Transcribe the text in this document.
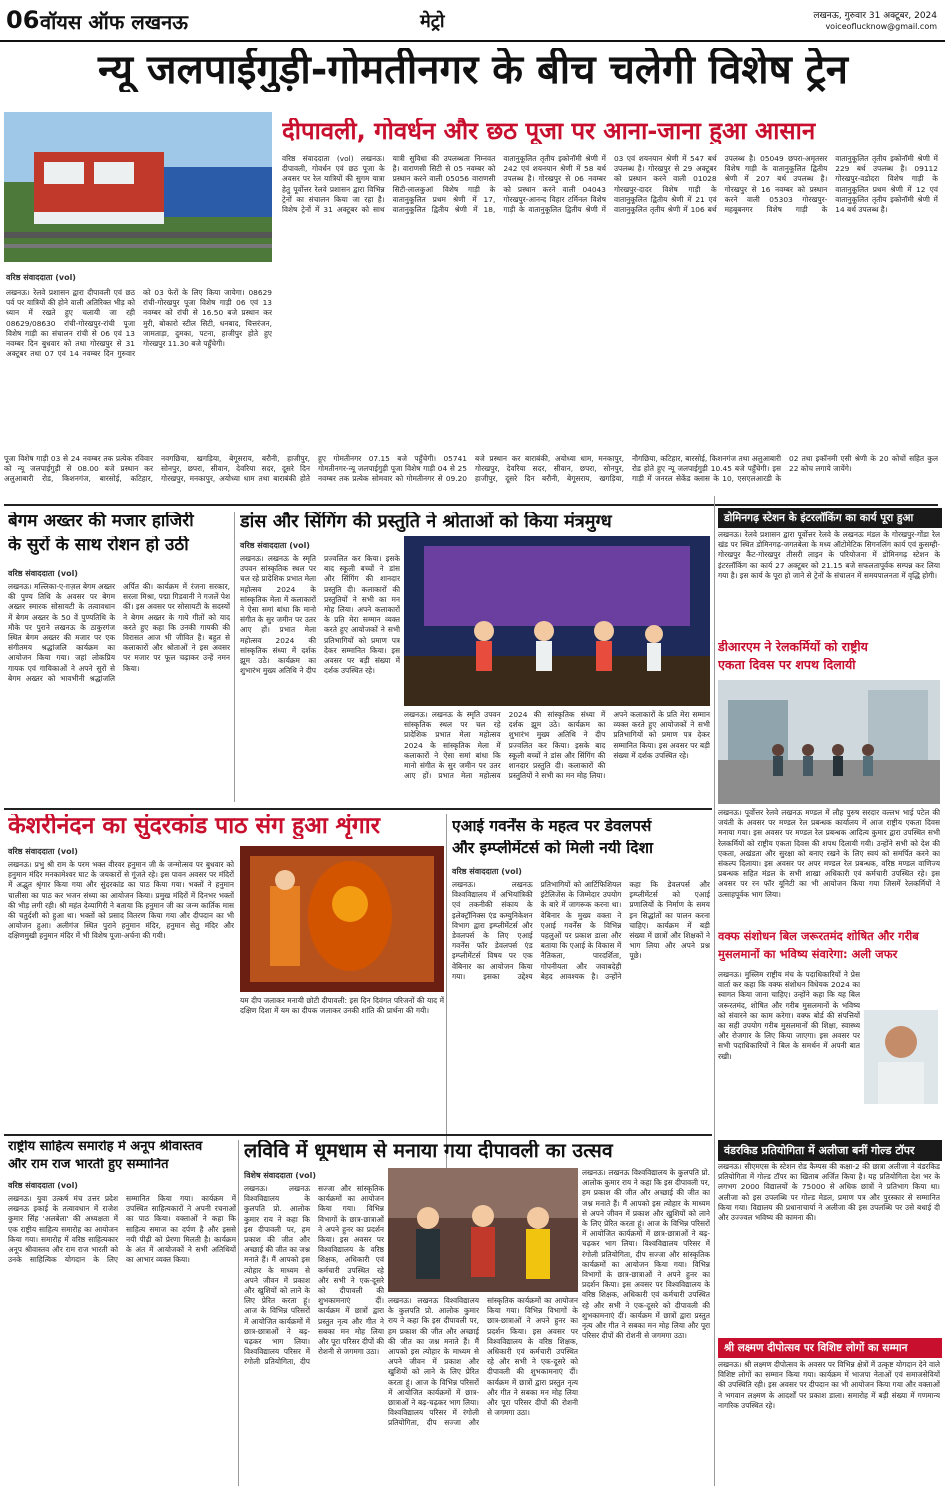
06 वॉयस ऑफ लखनऊ	मेट्रो	लखनऊ, गुरुवार 31 अक्टूबर, 2024
voiceoflucknow@gmail.com
न्यू जलपाईगुड़ी-गोमतीनगर के बीच चलेगी विशेष ट्रेन
वरिष्ठ संवाददाता (vol)
लखनऊ। रेलवे प्रशासन द्वारा दीपावली एवं छठ पर्व पर यात्रियों की होने वाली अतिरिक्त भीड़ को ध्यान में रखते हुए चलायी जा रही 08629/08630 रांची-गोरखपुर-रांची पूजा विशेष गाड़ी का संचालन रांची से 06 एवं 13 नवम्बर दिन बुधवार को तथा गोरखपुर से 31 अक्टूबर तथा 07 एवं 14 नवम्बर दिन गुरुवार को 03 फेरों के लिए किया जायेगा। 08629 रांची-गोरखपुर पूजा विशेष गाड़ी 06 एवं 13 नवम्बर को रांची से 16.50 बजे प्रस्थान कर मुरी, बोकारो स्टील सिटी, धनबाद, चित्तरंजन, जामताड़ा, दुमका, पटना, हाजीपुर होते हुए गोरखपुर 11.30 बजे पहुँचेगी।
दीपावली, गोवर्धन और छठ पूजा पर आना-जाना हुआ आसान
वरिष्ठ संवाददाता (vol) लखनऊ। दीपावली, गोवर्धन एवं छठ पूजा के अवसर पर रेल यात्रियों की सुगम यात्रा हेतु पूर्वोत्तर रेलवे प्रशासन द्वारा विभिन्न ट्रेनों का संचालन किया जा रहा है। विशेष ट्रेनों में 31 अक्टूबर को साथ यात्री सुविधा की उपलब्धता निम्नवत है। वाराणसी सिटी से 05 नवम्बर को प्रस्थान करने वाली 05056 वाराणसी सिटी-लालकुआं विशेष गाड़ी के वातानुकूलित प्रथम श्रेणी में 17, वातानुकूलित द्वितीय श्रेणी में 18, वातानुकूलित तृतीय इकोनॉमी श्रेणी में 242 एवं शयनयान श्रेणी में 58 बर्थ उपलब्ध है। गोरखपुर से 06 नवम्बर को प्रस्थान करने वाली 04043 गोरखपुर-आनन्द विहार टर्मिनल विशेष गाड़ी के वातानुकूलित द्वितीय श्रेणी में 03 एवं शयनयान श्रेणी में 547 बर्थ उपलब्ध है। गोरखपुर से 29 अक्टूबर को प्रस्थान करने वाली 01028 गोरखपुर-दादर विशेष गाड़ी के वातानुकूलित द्वितीय श्रेणी में 21 एवं वातानुकूलित तृतीय श्रेणी में 106 बर्थ उपलब्ध है। 05049 छपरा-अमृतसर विशेष गाड़ी के वातानुकूलित द्वितीय श्रेणी में 207 बर्थ उपलब्ध है। गोरखपुर से 16 नवम्बर को प्रस्थान करने वाली 05303 गोरखपुर-महबूबनगर विशेष गाड़ी के वातानुकूलित तृतीय इकोनॉमी श्रेणी में 229 बर्थ उपलब्ध है। 09112 गोरखपुर-वडोदरा विशेष गाड़ी के वातानुकूलित प्रथम श्रेणी में 12 एवं वातानुकूलित तृतीय इकोनॉमी श्रेणी में 14 बर्थ उपलब्ध है।
पूजा विशेष गाड़ी 03 से 24 नवम्बर तक प्रत्येक रविवार को न्यू जलपाईगुड़ी से 08.00 बजे प्रस्थान कर अलुआबारी रोड, किशनगंज, बारसोई, कटिहार, नवगछिया, खगड़िया, बेगूसराय, बरौनी, हाजीपुर, सोनपुर, छपरा, सीवान, देवरिया सदर, दूसरे दिन गोरखपुर, मनकापुर, अयोध्या धाम तथा बाराबंकी होते हुए गोमतीनगर 07.15 बजे पहुँचेगी। 05741 गोमतीनगर-न्यू जलपाईगुड़ी पूजा विशेष गाड़ी 04 से 25 नवम्बर तक प्रत्येक सोमवार को गोमतीनगर से 09.20 बजे प्रस्थान कर बाराबंकी, अयोध्या धाम, मनकापुर, गोरखपुर, देवरिया सदर, सीवान, छपरा, सोनपुर, हाजीपुर, दूसरे दिन बरौनी, बेगूसराय, खगड़िया, नौगछिया, कटिहार, बारसोई, किशनगंज तथा अलुआबारी रोड होते हुए न्यू जलपाईगुड़ी 10.45 बजे पहुँचेगी। इस गाड़ी में जनरल सेकेंड क्लास के 10, एसएलआरडी के 02 तथा इकॉनमी एसी श्रेणी के 20 कोचों सहित कुल 22 कोच लगाये जायेंगे।
बेगम अख्तर की मजार हाजिरी
के सुरों के साथ रोशन हो उठी
वरिष्ठ संवाददाता (vol)
लखनऊ। मल्लिका-ए-ग़ज़ल बेगम अख्तर की पुण्य तिथि के अवसर पर बेगम अख्तर स्मारक सोसायटी के तत्वावधान में बेगम अख्तर के 50 वें पुण्यतिथि के मौके पर पुराने लखनऊ के ठाकुरगंज स्थित बेगम अख्तर की मजार पर एक संगीतमय श्रद्धांजलि कार्यक्रम का आयोजन किया गया। जहां लोकप्रिय गायक एवं गायिकाओं ने अपने सुरों से बेगम अख्तर को भावभीनी श्रद्धांजलि अर्पित की। कार्यक्रम में रंजना सरकार, सरला मिश्रा, पद्मा गिडवानी ने गजलें पेश कीं। इस अवसर पर सोसायटी के सदस्यों ने बेगम अख्तर के गाये गीतों को याद करते हुए कहा कि उनकी गायकी की विरासत आज भी जीवित है। बहुत से कलाकारों और श्रोताओं ने इस अवसर पर मजार पर फूल चढ़ाकर उन्हें नमन किया।
डांस और सिंगिंग की प्रस्तुति ने श्रोताओं को किया मंत्रमुग्ध
वरिष्ठ संवाददाता (vol)
लखनऊ। लखनऊ के स्मृति उपवन सांस्कृतिक स्थल पर चल रहे प्रादेशिक प्रभात मेला महोत्सव 2024 के सांस्कृतिक मेला में कलाकारों ने ऐसा समां बांधा कि मानो संगीत के सुर जमीन पर उतर आए हों। प्रभात मेला महोत्सव 2024 की सांस्कृतिक संध्या में दर्शक झूम उठे। कार्यक्रम का शुभारंभ मुख्य अतिथि ने दीप प्रज्वलित कर किया। इसके बाद स्कूली बच्चों ने डांस और सिंगिंग की शानदार प्रस्तुति दी। कलाकारों की प्रस्तुतियों ने सभी का मन मोह लिया। अपने कलाकारों के प्रति मेरा सम्मान व्यक्त करते हुए आयोजकों ने सभी प्रतिभागियों को प्रमाण पत्र देकर सम्मानित किया। इस अवसर पर बड़ी संख्या में दर्शक उपस्थित रहे।
लखनऊ। लखनऊ के स्मृति उपवन सांस्कृतिक स्थल पर चल रहे प्रादेशिक प्रभात मेला महोत्सव 2024 के सांस्कृतिक मेला में कलाकारों ने ऐसा समां बांधा कि मानो संगीत के सुर जमीन पर उतर आए हों। प्रभात मेला महोत्सव 2024 की सांस्कृतिक संध्या में दर्शक झूम उठे। कार्यक्रम का शुभारंभ मुख्य अतिथि ने दीप प्रज्वलित कर किया। इसके बाद स्कूली बच्चों ने डांस और सिंगिंग की शानदार प्रस्तुति दी। कलाकारों की प्रस्तुतियों ने सभी का मन मोह लिया। अपने कलाकारों के प्रति मेरा सम्मान व्यक्त करते हुए आयोजकों ने सभी प्रतिभागियों को प्रमाण पत्र देकर सम्मानित किया। इस अवसर पर बड़ी संख्या में दर्शक उपस्थित रहे।
डोमिनगढ़ स्टेशन के इंटरलॉकिंग का कार्य पूरा हुआ
लखनऊ। रेलवे प्रशासन द्वारा पूर्वोत्तर रेलवे के लखनऊ मंडल के गोरखपुर-गोंडा रेल खंड पर स्थित डोमिनगढ़-जगतबेला के मध्य ऑटोमेटिक सिगनलिंग कार्य एवं कुसम्ही-गोरखपुर कैंट-गोरखपुर तीसरी लाइन के परियोजना में डोमिनगढ़ स्टेशन के इंटरलॉकिंग का कार्य 27 अक्टूबर को 21.15 बजे सफलतापूर्वक सम्पन्न कर लिया गया है। इस कार्य के पूरा हो जाने से ट्रेनों के संचालन में समयपालनता में वृद्धि होगी।
डीआरएम ने रेलकर्मियों को राष्ट्रीय
एकता दिवस पर शपथ दिलायी
लखनऊ। पूर्वोत्तर रेलवे लखनऊ मण्डल में लौह पुरुष सरदार वल्लभ भाई पटेल की जयंती के अवसर पर मण्डल रेल प्रबन्धक कार्यालय में आज राष्ट्रीय एकता दिवस मनाया गया। इस अवसर पर मण्डल रेल प्रबन्धक आदित्य कुमार द्वारा उपस्थित सभी रेलकर्मियों को राष्ट्रीय एकता दिवस की शपथ दिलायी गयी। उन्होंने सभी को देश की एकता, अखंडता और सुरक्षा को बनाए रखने के लिए स्वयं को समर्पित करने का संकल्प दिलाया। इस अवसर पर अपर मण्डल रेल प्रबन्धक, वरिष्ठ मण्डल वाणिज्य प्रबन्धक सहित मंडल के सभी शाखा अधिकारी एवं कर्मचारी उपस्थित रहे। इस अवसर पर रन फॉर यूनिटी का भी आयोजन किया गया जिसमें रेलकर्मियों ने उत्साहपूर्वक भाग लिया।
केशरीनंदन का सुंदरकांड पाठ संग हुआ शृंगार
वरिष्ठ संवाददाता (vol)
लखनऊ। प्रभु श्री राम के परम भक्त वीरवर हनुमान जी के जन्मोत्सव पर बुधवार को हनुमान मंदिर मनकामेश्वर घाट के जयकारों से गूंजते रहे। इस पावन अवसर पर मंदिरों में अद्भुत श्रृंगार किया गया और सुंदरकांड का पाठ किया गया। भक्तों ने हनुमान चालीसा का पाठ कर भजन संध्या का आयोजन किया। प्रमुख मंदिरों में दिनभर भक्तों की भीड़ लगी रही। श्री महंत देव्यागिरी ने बताया कि हनुमान जी का जन्म कार्तिक मास की चतुर्दशी को हुआ था। भक्तों को प्रसाद वितरण किया गया और दीपदान का भी आयोजन हुआ। अलीगंज स्थित पुराने हनुमान मंदिर, हनुमान सेतु मंदिर और दक्षिणमुखी हनुमान मंदिर में भी विशेष पूजा-अर्चना की गयी।
यम दीप जलाकर मनायी छोटी दीपावली: इस दिन दिवंगत परिजनों की याद में दक्षिण दिशा में यम का दीपक जलाकर उनकी शांति की प्रार्थना की गयी।
एआई गवर्नेंस के महत्व पर डेवलपर्स
और इम्प्लीमेंटर्स को मिली नयी दिशा
वरिष्ठ संवाददाता (vol)
लखनऊ। लखनऊ विश्वविद्यालय में अभियांत्रिकी एवं तकनीकी संकाय के इलेक्ट्रॉनिक्स एंड कम्युनिकेशन विभाग द्वारा इम्प्लीमेंटर्स और डेवलपर्स के लिए एआई गवर्नेंस फॉर डेवलपर्स एंड इम्प्लीमेंटर्स विषय पर एक वेबिनार का आयोजन किया गया। इसका उद्देश्य प्रतिभागियों को आर्टिफिशियल इंटेलिजेंस के जिम्मेदार उपयोग के बारे में जागरूक करना था। वेबिनार के मुख्य वक्ता ने एआई गवर्नेंस के विभिन्न पहलुओं पर प्रकाश डाला और बताया कि एआई के विकास में नैतिकता, पारदर्शिता, गोपनीयता और जवाबदेही बेहद आवश्यक है। उन्होंने कहा कि डेवलपर्स और इम्प्लीमेंटर्स को एआई प्रणालियों के निर्माण के समय इन सिद्धांतों का पालन करना चाहिए। कार्यक्रम में बड़ी संख्या में छात्रों और शिक्षकों ने भाग लिया और अपने प्रश्न पूछे।
वक्फ संशोधन बिल जरूरतमंद शोषित और गरीब
मुसलमानों का भविष्य संवारेगा: अली जफर
लखनऊ। मुस्लिम राष्ट्रीय मंच के पदाधिकारियों ने प्रेस वार्ता कर कहा कि वक्फ संशोधन विधेयक 2024 का स्वागत किया जाना चाहिए। उन्होंने कहा कि यह बिल जरूरतमंद, शोषित और गरीब मुसलमानों के भविष्य को संवारने का काम करेगा। वक्फ बोर्ड की संपत्तियों का सही उपयोग गरीब मुसलमानों की शिक्षा, स्वास्थ्य और रोजगार के लिए किया जाएगा। इस अवसर पर सभी पदाधिकारियों ने बिल के समर्थन में अपनी बात रखी।
राष्ट्रीय साहित्य समारोह में अनूप श्रीवास्तव
और राम राज भारती हुए सम्मानित
वरिष्ठ संवाददाता (vol)
लखनऊ। युवा उत्कर्ष मंच उत्तर प्रदेश लखनऊ इकाई के तत्वावधान में राजेश कुमार सिंह 'अलबेला' की अध्यक्षता में एक राष्ट्रीय साहित्य समारोह का आयोजन किया गया। समारोह में वरिष्ठ साहित्यकार अनूप श्रीवास्तव और राम राज भारती को उनके साहित्यिक योगदान के लिए सम्मानित किया गया। कार्यक्रम में उपस्थित साहित्यकारों ने अपनी रचनाओं का पाठ किया। वक्ताओं ने कहा कि साहित्य समाज का दर्पण है और इससे नयी पीढ़ी को प्रेरणा मिलती है। कार्यक्रम के अंत में आयोजकों ने सभी अतिथियों का आभार व्यक्त किया।
लविवि में धूमधाम से मनाया गया दीपावली का उत्सव
विशेष संवाददाता (vol)
लखनऊ। लखनऊ विश्वविद्यालय के कुलपति प्रो. आलोक कुमार राय ने कहा कि इस दीपावली पर, हम प्रकाश की जीत और अच्छाई की जीत का जश्न मनाते हैं। मैं आपको इस त्योहार के माध्यम से अपने जीवन में प्रकाश और खुशियों को लाने के लिए प्रेरित करता हूं। आज के विभिन्न परिसरों में आयोजित कार्यक्रमों में छात्र-छात्राओं ने बढ़-चढ़कर भाग लिया। विश्वविद्यालय परिसर में रंगोली प्रतियोगिता, दीप सज्जा और सांस्कृतिक कार्यक्रमों का आयोजन किया गया। विभिन्न विभागों के छात्र-छात्राओं ने अपने हुनर का प्रदर्शन किया। इस अवसर पर विश्वविद्यालय के वरिष्ठ शिक्षक, अधिकारी एवं कर्मचारी उपस्थित रहे और सभी ने एक-दूसरे को दीपावली की शुभकामनाएं दीं। कार्यक्रम में छात्रों द्वारा प्रस्तुत नृत्य और गीत ने सबका मन मोह लिया और पूरा परिसर दीपों की रोशनी से जगमगा उठा।
लखनऊ। लखनऊ विश्वविद्यालय के कुलपति प्रो. आलोक कुमार राय ने कहा कि इस दीपावली पर, हम प्रकाश की जीत और अच्छाई की जीत का जश्न मनाते हैं। मैं आपको इस त्योहार के माध्यम से अपने जीवन में प्रकाश और खुशियों को लाने के लिए प्रेरित करता हूं। आज के विभिन्न परिसरों में आयोजित कार्यक्रमों में छात्र-छात्राओं ने बढ़-चढ़कर भाग लिया। विश्वविद्यालय परिसर में रंगोली प्रतियोगिता, दीप सज्जा और सांस्कृतिक कार्यक्रमों का आयोजन किया गया। विभिन्न विभागों के छात्र-छात्राओं ने अपने हुनर का प्रदर्शन किया। इस अवसर पर विश्वविद्यालय के वरिष्ठ शिक्षक, अधिकारी एवं कर्मचारी उपस्थित रहे और सभी ने एक-दूसरे को दीपावली की शुभकामनाएं दीं। कार्यक्रम में छात्रों द्वारा प्रस्तुत नृत्य और गीत ने सबका मन मोह लिया और पूरा परिसर दीपों की रोशनी से जगमगा उठा।
लखनऊ। लखनऊ विश्वविद्यालय के कुलपति प्रो. आलोक कुमार राय ने कहा कि इस दीपावली पर, हम प्रकाश की जीत और अच्छाई की जीत का जश्न मनाते हैं। मैं आपको इस त्योहार के माध्यम से अपने जीवन में प्रकाश और खुशियों को लाने के लिए प्रेरित करता हूं। आज के विभिन्न परिसरों में आयोजित कार्यक्रमों में छात्र-छात्राओं ने बढ़-चढ़कर भाग लिया। विश्वविद्यालय परिसर में रंगोली प्रतियोगिता, दीप सज्जा और सांस्कृतिक कार्यक्रमों का आयोजन किया गया। विभिन्न विभागों के छात्र-छात्राओं ने अपने हुनर का प्रदर्शन किया। इस अवसर पर विश्वविद्यालय के वरिष्ठ शिक्षक, अधिकारी एवं कर्मचारी उपस्थित रहे और सभी ने एक-दूसरे को दीपावली की शुभकामनाएं दीं। कार्यक्रम में छात्रों द्वारा प्रस्तुत नृत्य और गीत ने सबका मन मोह लिया और पूरा परिसर दीपों की रोशनी से जगमगा उठा।
वंडरकिड प्रतियोगिता में अलीजा बनीं गोल्ड टॉपर
लखनऊ। सीएमएस के स्टेशन रोड कैम्पस की कक्षा-2 की छात्रा अलीजा ने वंडरकिड प्रतियोगिता में गोल्ड टॉपर का खिताब अर्जित किया है। यह प्रतियोगिता देश भर के लगभग 2000 विद्यालयों के 75000 से अधिक छात्रों ने प्रतिभाग किया था। अलीजा को इस उपलब्धि पर गोल्ड मेडल, प्रमाण पत्र और पुरस्कार से सम्मानित किया गया। विद्यालय की प्रधानाचार्या ने अलीजा की इस उपलब्धि पर उसे बधाई दी और उज्ज्वल भविष्य की कामना की।
श्री लक्ष्मण दीपोत्सव पर विशिष्ट लोगों का सम्मान
लखनऊ। श्री लक्ष्मण दीपोत्सव के अवसर पर विभिन्न क्षेत्रों में उत्कृष्ट योगदान देने वाले विशिष्ट लोगों का सम्मान किया गया। कार्यक्रम में भाजपा नेताओं एवं समाजसेवियों की उपस्थिति रही। इस अवसर पर दीपदान का भी आयोजन किया गया और वक्ताओं ने भगवान लक्ष्मण के आदर्शों पर प्रकाश डाला। समारोह में बड़ी संख्या में गणमान्य नागरिक उपस्थित रहे।
